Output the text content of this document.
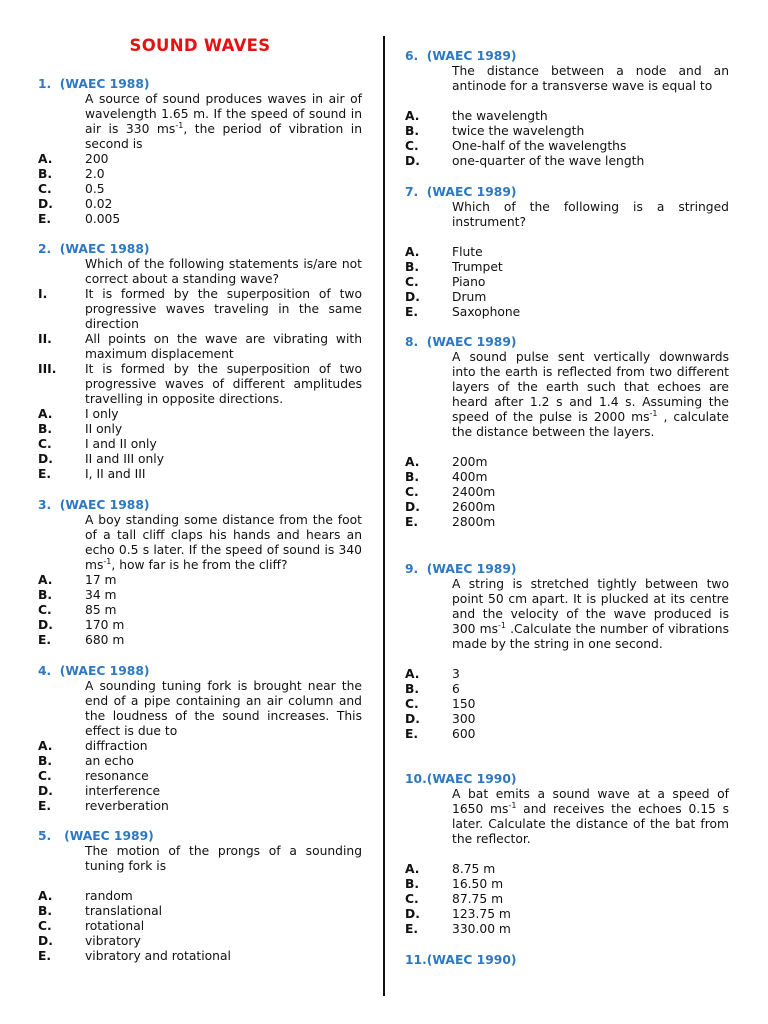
SOUND WAVES
1.  (WAEC 1988)
A source of sound produces waves in air of wavelength 1.65 m. If the speed of sound in air is 330 $ms^{-1}$, the period of vibration in second is
A.	200
B.	2.0
C.	0.5
D.	0.02
E.	0.005
2.  (WAEC 1988)
Which of the following statements is/are not correct about a standing wave?
I.	It is formed by the superposition of two progressive waves traveling in the same direction
II.	All points on the wave are vibrating with maximum displacement
III.	It is formed by the superposition of two progressive waves of different amplitudes travelling in opposite directions.
A.	I only
B.	II only
C.	I and II only
D.	II and III only
E.	I, II and III
3.  (WAEC 1988)
A boy standing some distance from the foot of a tall cliff claps his hands and hears an echo 0.5 s later. If the speed of sound is 340 $ms^{-1}$, how far is he from the cliff?
A.	17 m
B.	34 m
C.	85 m
D.	170 m
E.	680 m
4.  (WAEC 1988)
A sounding tuning fork is brought near the end of a pipe containing an air column and the loudness of the sound increases. This effect is due to
A.	diffraction
B.	an echo
C.	resonance
D.	interference
E.	reverberation
5.   (WAEC 1989)
The motion of the prongs of a sounding tuning fork is
A.	random
B.	translational
C.	rotational
D.	vibratory
E.	vibratory and rotational
6.  (WAEC 1989)
The distance between a node and an antinode for a transverse wave is equal to
A.	the wavelength
B.	twice the wavelength
C.	One-half of the wavelengths
D.	one-quarter of the wave length
7.  (WAEC 1989)
Which of the following is a stringed instrument?
A.	Flute
B.	Trumpet
C.	Piano
D.	Drum
E.	Saxophone
8.  (WAEC 1989)
A sound pulse sent vertically downwards into the earth is reflected from two different layers of the earth such that echoes are heard after 1.2 s and 1.4 s. Assuming the speed of the pulse is 2000 $ms^{-1}$ , calculate the distance between the layers.
A.	200m
B.	400m
C.	2400m
D.	2600m
E.	2800m
9.  (WAEC 1989)
A string is stretched tightly between two point 50 cm apart. It is plucked at its centre and the velocity of the wave produced is 300 $ms^{-1}$ .Calculate the number of vibrations made by the string in one second.
A.	3
B.	6
C.	150
D.	300
E.	600
10.(WAEC 1990)
A bat emits a sound wave at a speed of 1650 $ms^{-1}$ and receives the echoes 0.15 s later. Calculate the distance of the bat from the reflector.
A.	8.75 m
B.	16.50 m
C.	87.75 m
D.	123.75 m
E.	330.00 m
11.(WAEC 1990)
